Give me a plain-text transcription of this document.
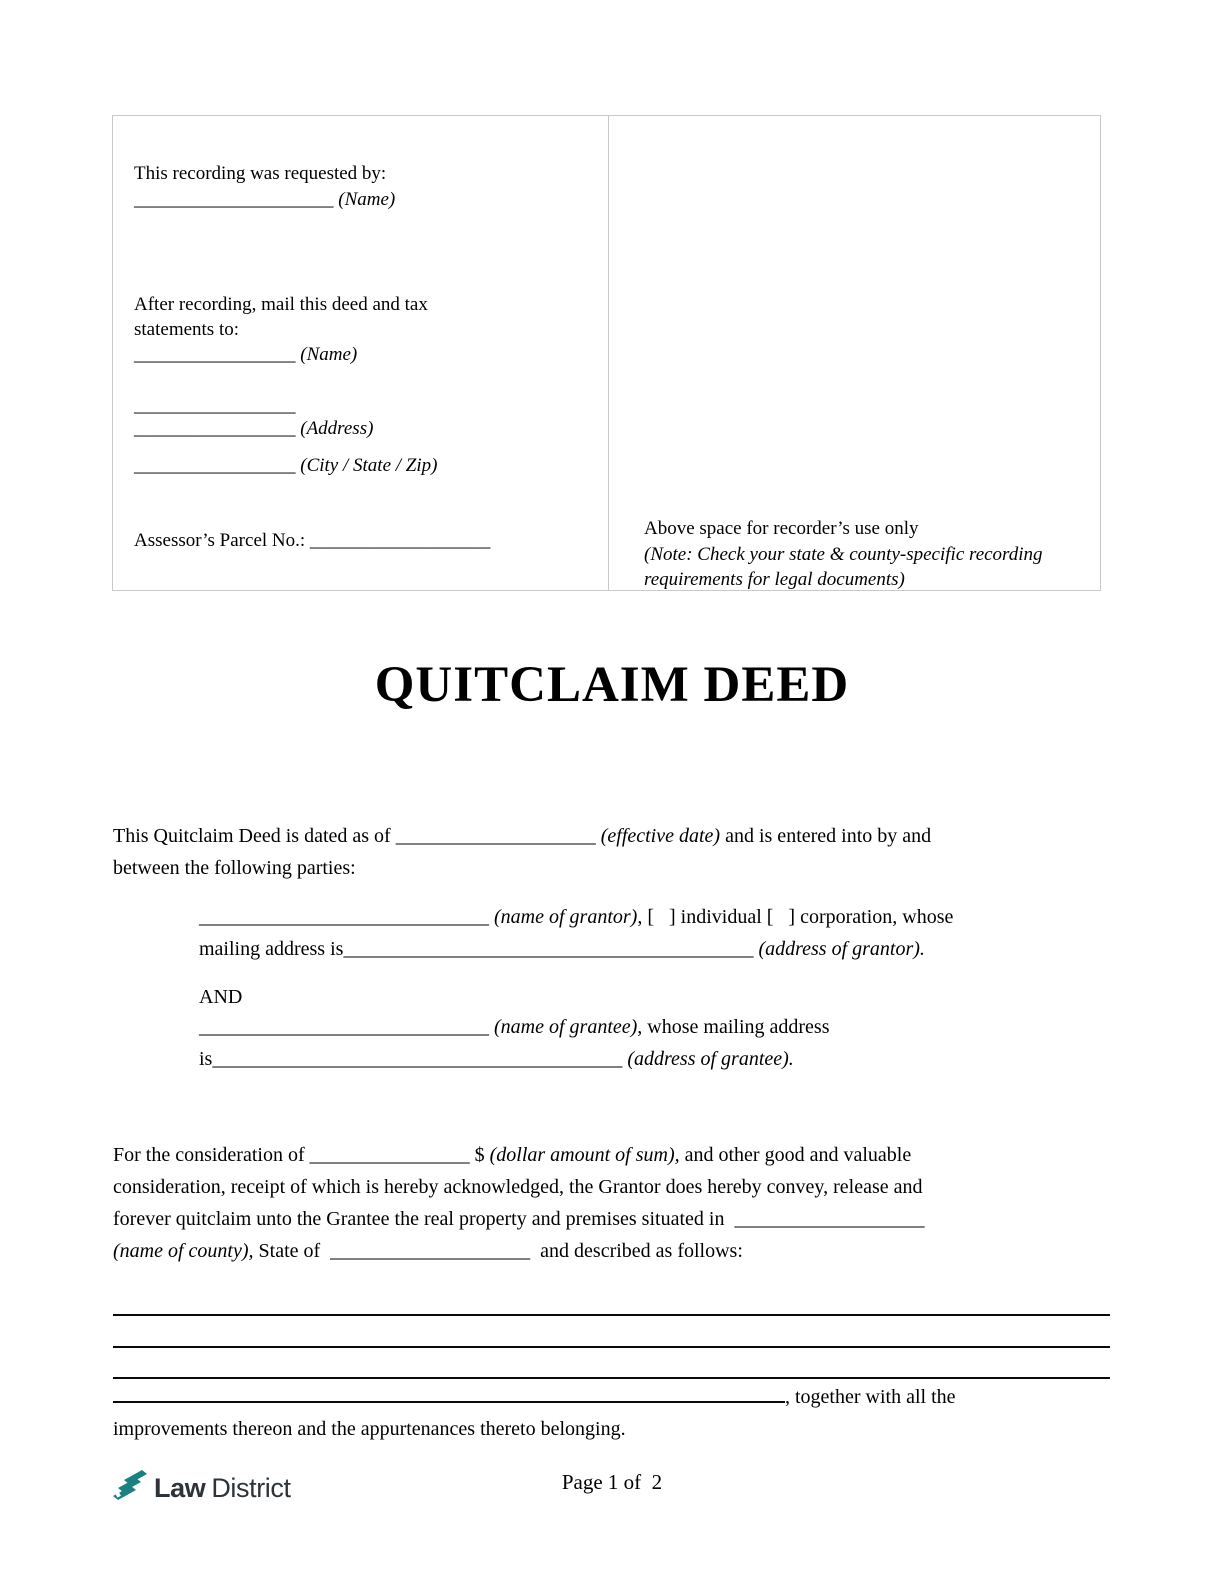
This recording was requested by:
_____________________ (Name)
After recording, mail this deed and tax
statements to:
_________________ (Name)
_________________
_________________ (Address)
_________________ (City / State / Zip)
Assessor’s Parcel No.: ___________________
Above space for recorder’s use only
(Note: Check your state & county-specific recording
requirements for legal documents)
QUITCLAIM DEED
This Quitclaim Deed is dated as of ____________________ (effective date) and is entered into by and
between the following parties:
_____________________________ (name of grantor), [   ] individual [   ] corporation, whose
mailing address is_________________________________________ (address of grantor).
AND
_____________________________ (name of grantee), whose mailing address
is_________________________________________ (address of grantee).
For the consideration of ________________ $ (dollar amount of sum), and other good and valuable
consideration, receipt of which is hereby acknowledged, the Grantor does hereby convey, release and
forever quitclaim unto the Grantee the real property and premises situated in  ___________________
(name of county), State of  ____________________  and described as follows:
, together with all the
improvements thereon and the appurtenances thereto belonging.
Law District	Page 1 of  2
